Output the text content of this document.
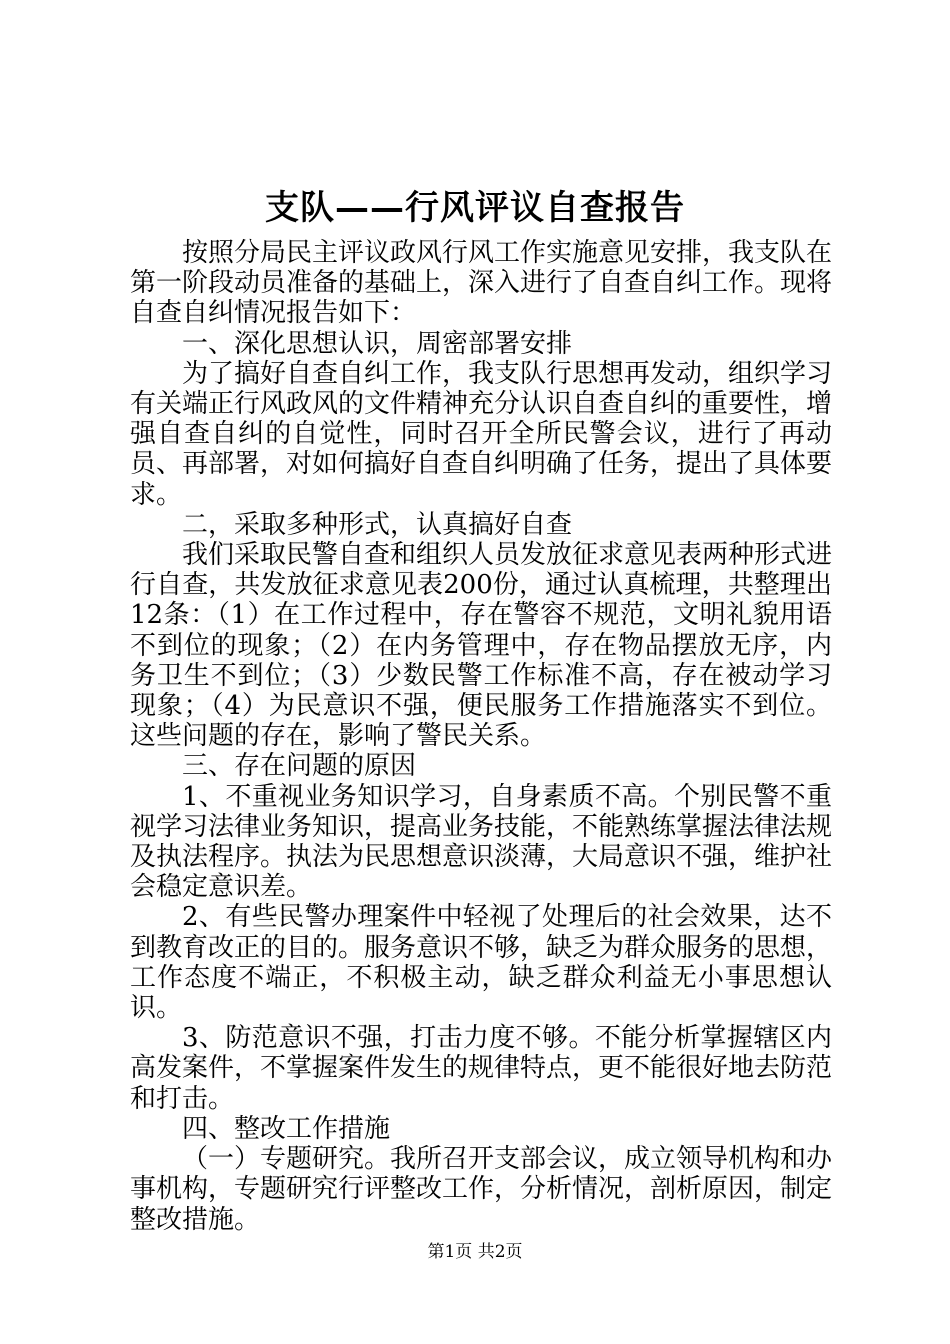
支队——行风评议自查报告

按照分局民主评议政风行风工作实施意见安排，我支队在第一阶段动员准备的基础上，深入进行了自查自纠工作。现将自查自纠情况报告如下：

一、深化思想认识，周密部署安排

为了搞好自查自纠工作，我支队行思想再发动，组织学习有关端正行风政风的文件精神充分认识自查自纠的重要性，增强自查自纠的自觉性，同时召开全所民警会议，进行了再动员、再部署，对如何搞好自查自纠明确了任务，提出了具体要求。

二，采取多种形式，认真搞好自查

我们采取民警自查和组织人员发放征求意见表两种形式进行自查，共发放征求意见表200份，通过认真梳理，共整理出12条：（1）在工作过程中，存在警容不规范，文明礼貌用语不到位的现象；（2）在内务管理中，存在物品摆放无序，内务卫生不到位；（3）少数民警工作标准不高，存在被动学习现象；（4）为民意识不强，便民服务工作措施落实不到位。这些问题的存在，影响了警民关系。

三、存在问题的原因

1、不重视业务知识学习，自身素质不高。个别民警不重视学习法律业务知识，提高业务技能，不能熟练掌握法律法规及执法程序。执法为民思想意识淡薄，大局意识不强，维护社会稳定意识差。

2、有些民警办理案件中轻视了处理后的社会效果，达不到教育改正的目的。服务意识不够，缺乏为群众服务的思想，工作态度不端正，不积极主动，缺乏群众利益无小事思想认识。

3、防范意识不强，打击力度不够。不能分析掌握辖区内高发案件，不掌握案件发生的规律特点，更不能很好地去防范和打击。

四、整改工作措施

（一）专题研究。我所召开支部会议，成立领导机构和办事机构，专题研究行评整改工作，分析情况，剖析原因，制定整改措施。

第1页 共2页
